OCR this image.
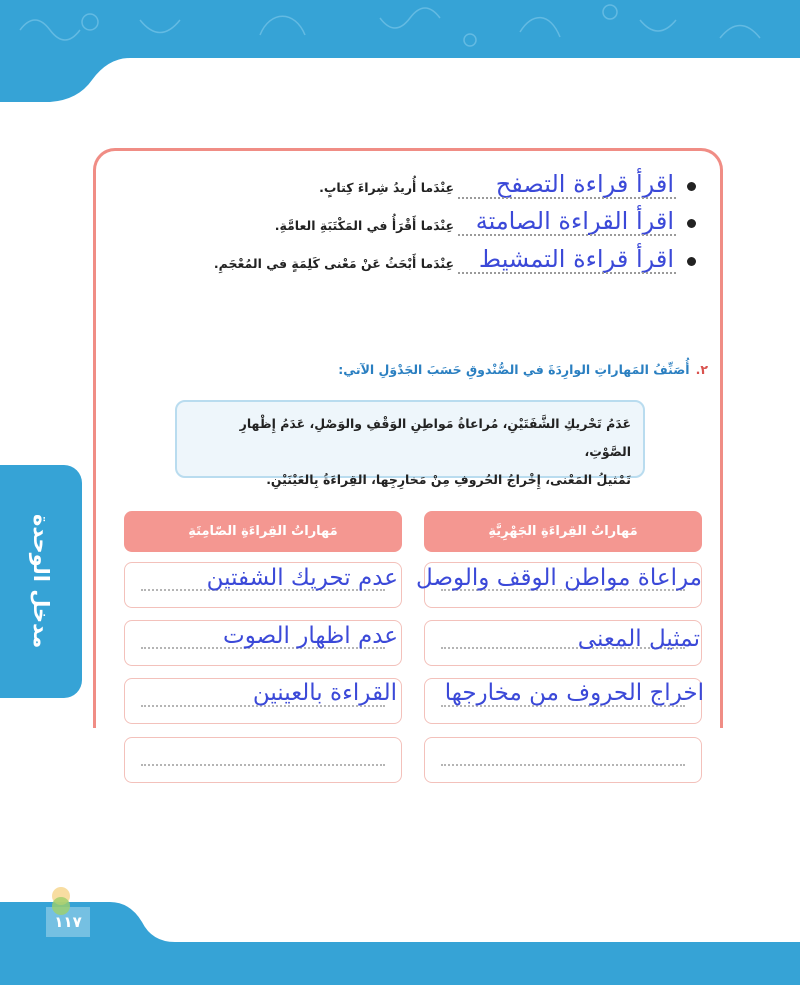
مدخل الوحدة
اقرأ قراءة التصفح
عِنْدَما أُريدُ شِراءَ كِتابٍ.
اقرأ القراءة الصامتة
عِنْدَما أَقْرَأُ في المَكْتَبَةِ العامَّةِ.
اقرأ قراءة التمشيط
عِنْدَما أَبْحَثُ عَنْ مَعْنى كَلِمَةٍ في المُعْجَمِ.
٢.أُصَنِّفُ المَهاراتِ الوارِدَةَ في الصُّنْدوقِ حَسَبَ الجَدْوَلِ الآتي:
عَدَمُ تَحْريكِ الشَّفَتَيْنِ، مُراعاةُ مَواطِنِ الوَقْفِ والوَصْلِ، عَدَمُ إِظْهارِ الصَّوْتِ،
تَمْثيلُ المَعْنى، إِخْراجُ الحُروفِ مِنْ مَخارِجِها، القِراءَةُ بِالعَيْنَيْنِ.
مَهاراتُ القِراءَةِ الجَهْرِيَّةِ
مَهاراتُ القِراءَةِ الصّامِتَةِ
مراعاة مواطن الوقف والوصل
تمثيل المعنى
اخراج الحروف من مخارجها
عدم تحريك الشفتين
عدم اظهار الصوت
القراءة بالعينين
١١٧
